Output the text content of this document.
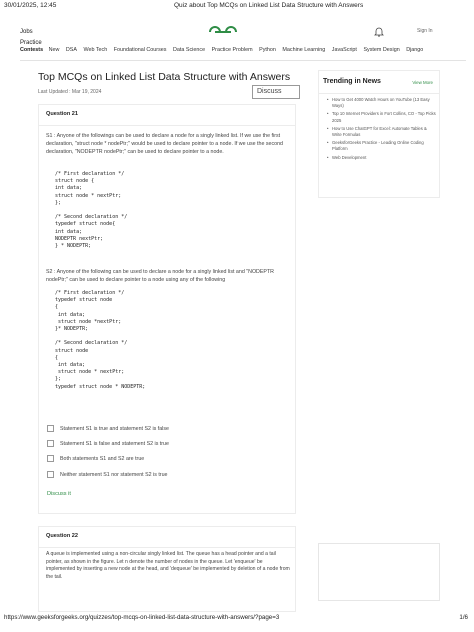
30/01/2025, 12:45	Quiz about Top MCQs on Linked List Data Structure with Answers
Jobs
Practice
Sign In
Contests New DSA Web Tech Foundational Courses Data Science Practice Problem Python Machine Learning JavaScript System Design Django
Top MCQs on Linked List Data Structure with Answers
Last Updated : Mar 19, 2024	Discuss
Question 21
S1 : Anyone of the followings can be used to declare a node for a singly linked list. If we use the first declaration, "struct node * nodePtr;" would be used to declare pointer to a node. If we use the second declaration, "NODEPTR nodePtr;" can be used to declare pointer to a node.
/* First declaration */
struct node {
int data;
struct node * nextPtr;
};

/* Second declaration */
typedef struct node{
int data;
NODEPTR nextPtr;
} * NODEPTR;
S2 : Anyone of the following can be used to declare a node for a singly linked list and "NODEPTR nodePtr;" can be used to declare pointer to a node using any of the following
/* First declaration */
typedef struct node
{
int data;
struct node *nextPtr;
}* NODEPTR;

/* Second declaration */
struct node
{
int data;
struct node * nextPtr;
};
typedef struct node * NODEPTR;
Statement S1 is true and statement S2 is false
Statement S1 is false and statement S2 is true
Both statements S1 and S2 are true
Neither statement S1 nor statement S2 is true
Discuss it
Trending in News	View More
• How to Get 4000 Watch Hours on YouTube (13 Easy Ways)
• Top 10 Internet Providers in Fort Collins, CO - Top Picks 2025
• How to Use ChatGPT for Excel: Automate Tables & Write Formulas
• GeeksforGeeks Practice - Leading Online Coding Platform
• Web Development
Question 22
A queue is implemented using a non-circular singly linked list. The queue has a head pointer and a tail pointer, as shown in the figure. Let n denote the number of nodes in the queue. Let 'enqueue' be implemented by inserting a new node at the head, and 'dequeue' be implemented by deletion of a node from the tail.
https://www.geeksforgeeks.org/quizzes/top-mcqs-on-linked-list-data-structure-with-answers/?page=3	1/6
